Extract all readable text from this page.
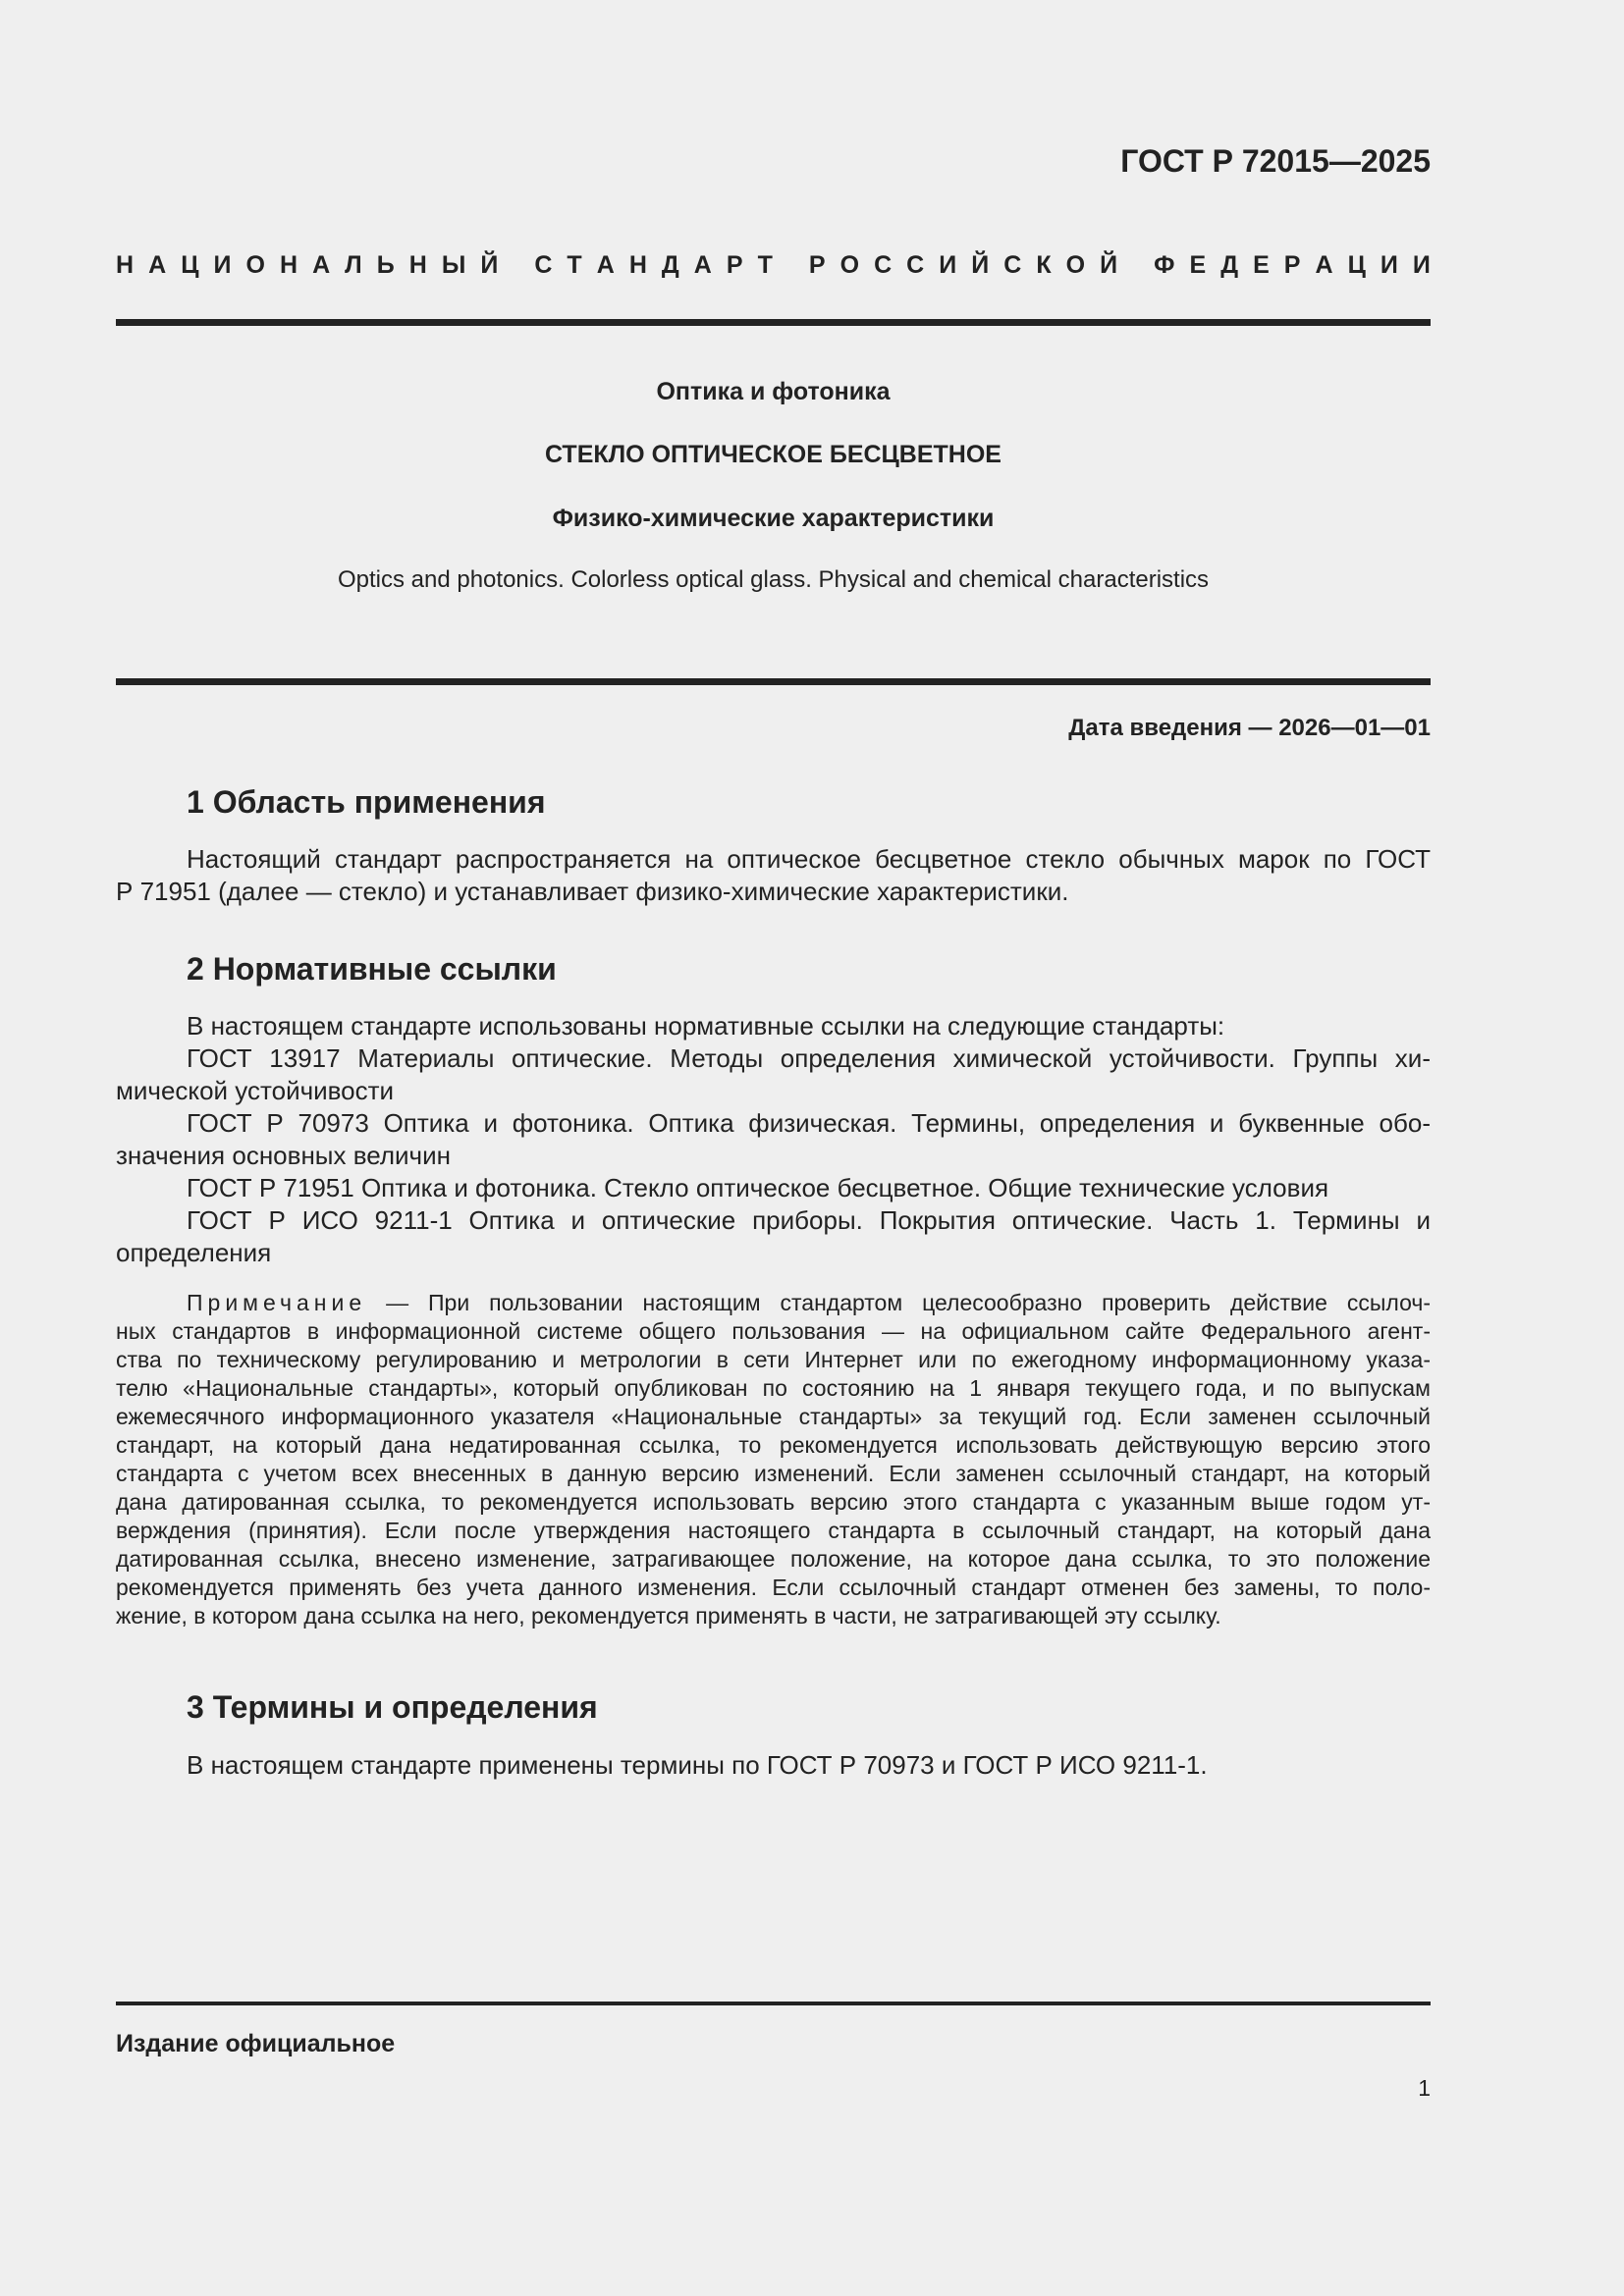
ГОСТ Р 72015—2025
Н А Ц И О Н А Л Ь Н Ы Й
С Т А Н Д А Р Т
Р О С С И Й С К О Й
Ф Е Д Е Р А Ц И И
Оптика и фотоника
СТЕКЛО ОПТИЧЕСКОЕ БЕСЦВЕТНОЕ
Физико-химические характеристики
Optics and photonics. Colorless optical glass. Physical and chemical characteristics
Дата введения — 2026—01—01
1 Область применения
Настоящий стандарт распространяется на оптическое бесцветное стекло обычных марок по ГОСТ
Р 71951 (далее — стекло) и устанавливает физико-химические характеристики.
2 Нормативные ссылки
В настоящем стандарте использованы нормативные ссылки на следующие стандарты:
ГОСТ 13917 Материалы оптические. Методы определения химической устойчивости. Группы хи-
мической устойчивости
ГОСТ Р 70973 Оптика и фотоника. Оптика физическая. Термины, определения и буквенные обо-
значения основных величин
ГОСТ Р 71951 Оптика и фотоника. Стекло оптическое бесцветное. Общие технические условия
ГОСТ Р ИСО 9211-1 Оптика и оптические приборы. Покрытия оптические. Часть 1. Термины и
определения
Примечание — При пользовании настоящим стандартом целесообразно проверить действие ссылоч-
ных стандартов в информационной системе общего пользования — на официальном сайте Федерального агент-
ства по техническому регулированию и метрологии в сети Интернет или по ежегодному информационному указа-
телю «Национальные стандарты», который опубликован по состоянию на 1 января текущего года, и по выпускам
ежемесячного информационного указателя «Национальные стандарты» за текущий год. Если заменен ссылочный
стандарт, на который дана недатированная ссылка, то рекомендуется использовать действующую версию этого
стандарта с учетом всех внесенных в данную версию изменений. Если заменен ссылочный стандарт, на который
дана датированная ссылка, то рекомендуется использовать версию этого стандарта с указанным выше годом ут-
верждения (принятия). Если после утверждения настоящего стандарта в ссылочный стандарт, на который дана
датированная ссылка, внесено изменение, затрагивающее положение, на которое дана ссылка, то это положение
рекомендуется применять без учета данного изменения. Если ссылочный стандарт отменен без замены, то поло-
жение, в котором дана ссылка на него, рекомендуется применять в части, не затрагивающей эту ссылку.
3 Термины и определения
В настоящем стандарте применены термины по ГОСТ Р 70973 и ГОСТ Р ИСО 9211-1.
Издание официальное
1
